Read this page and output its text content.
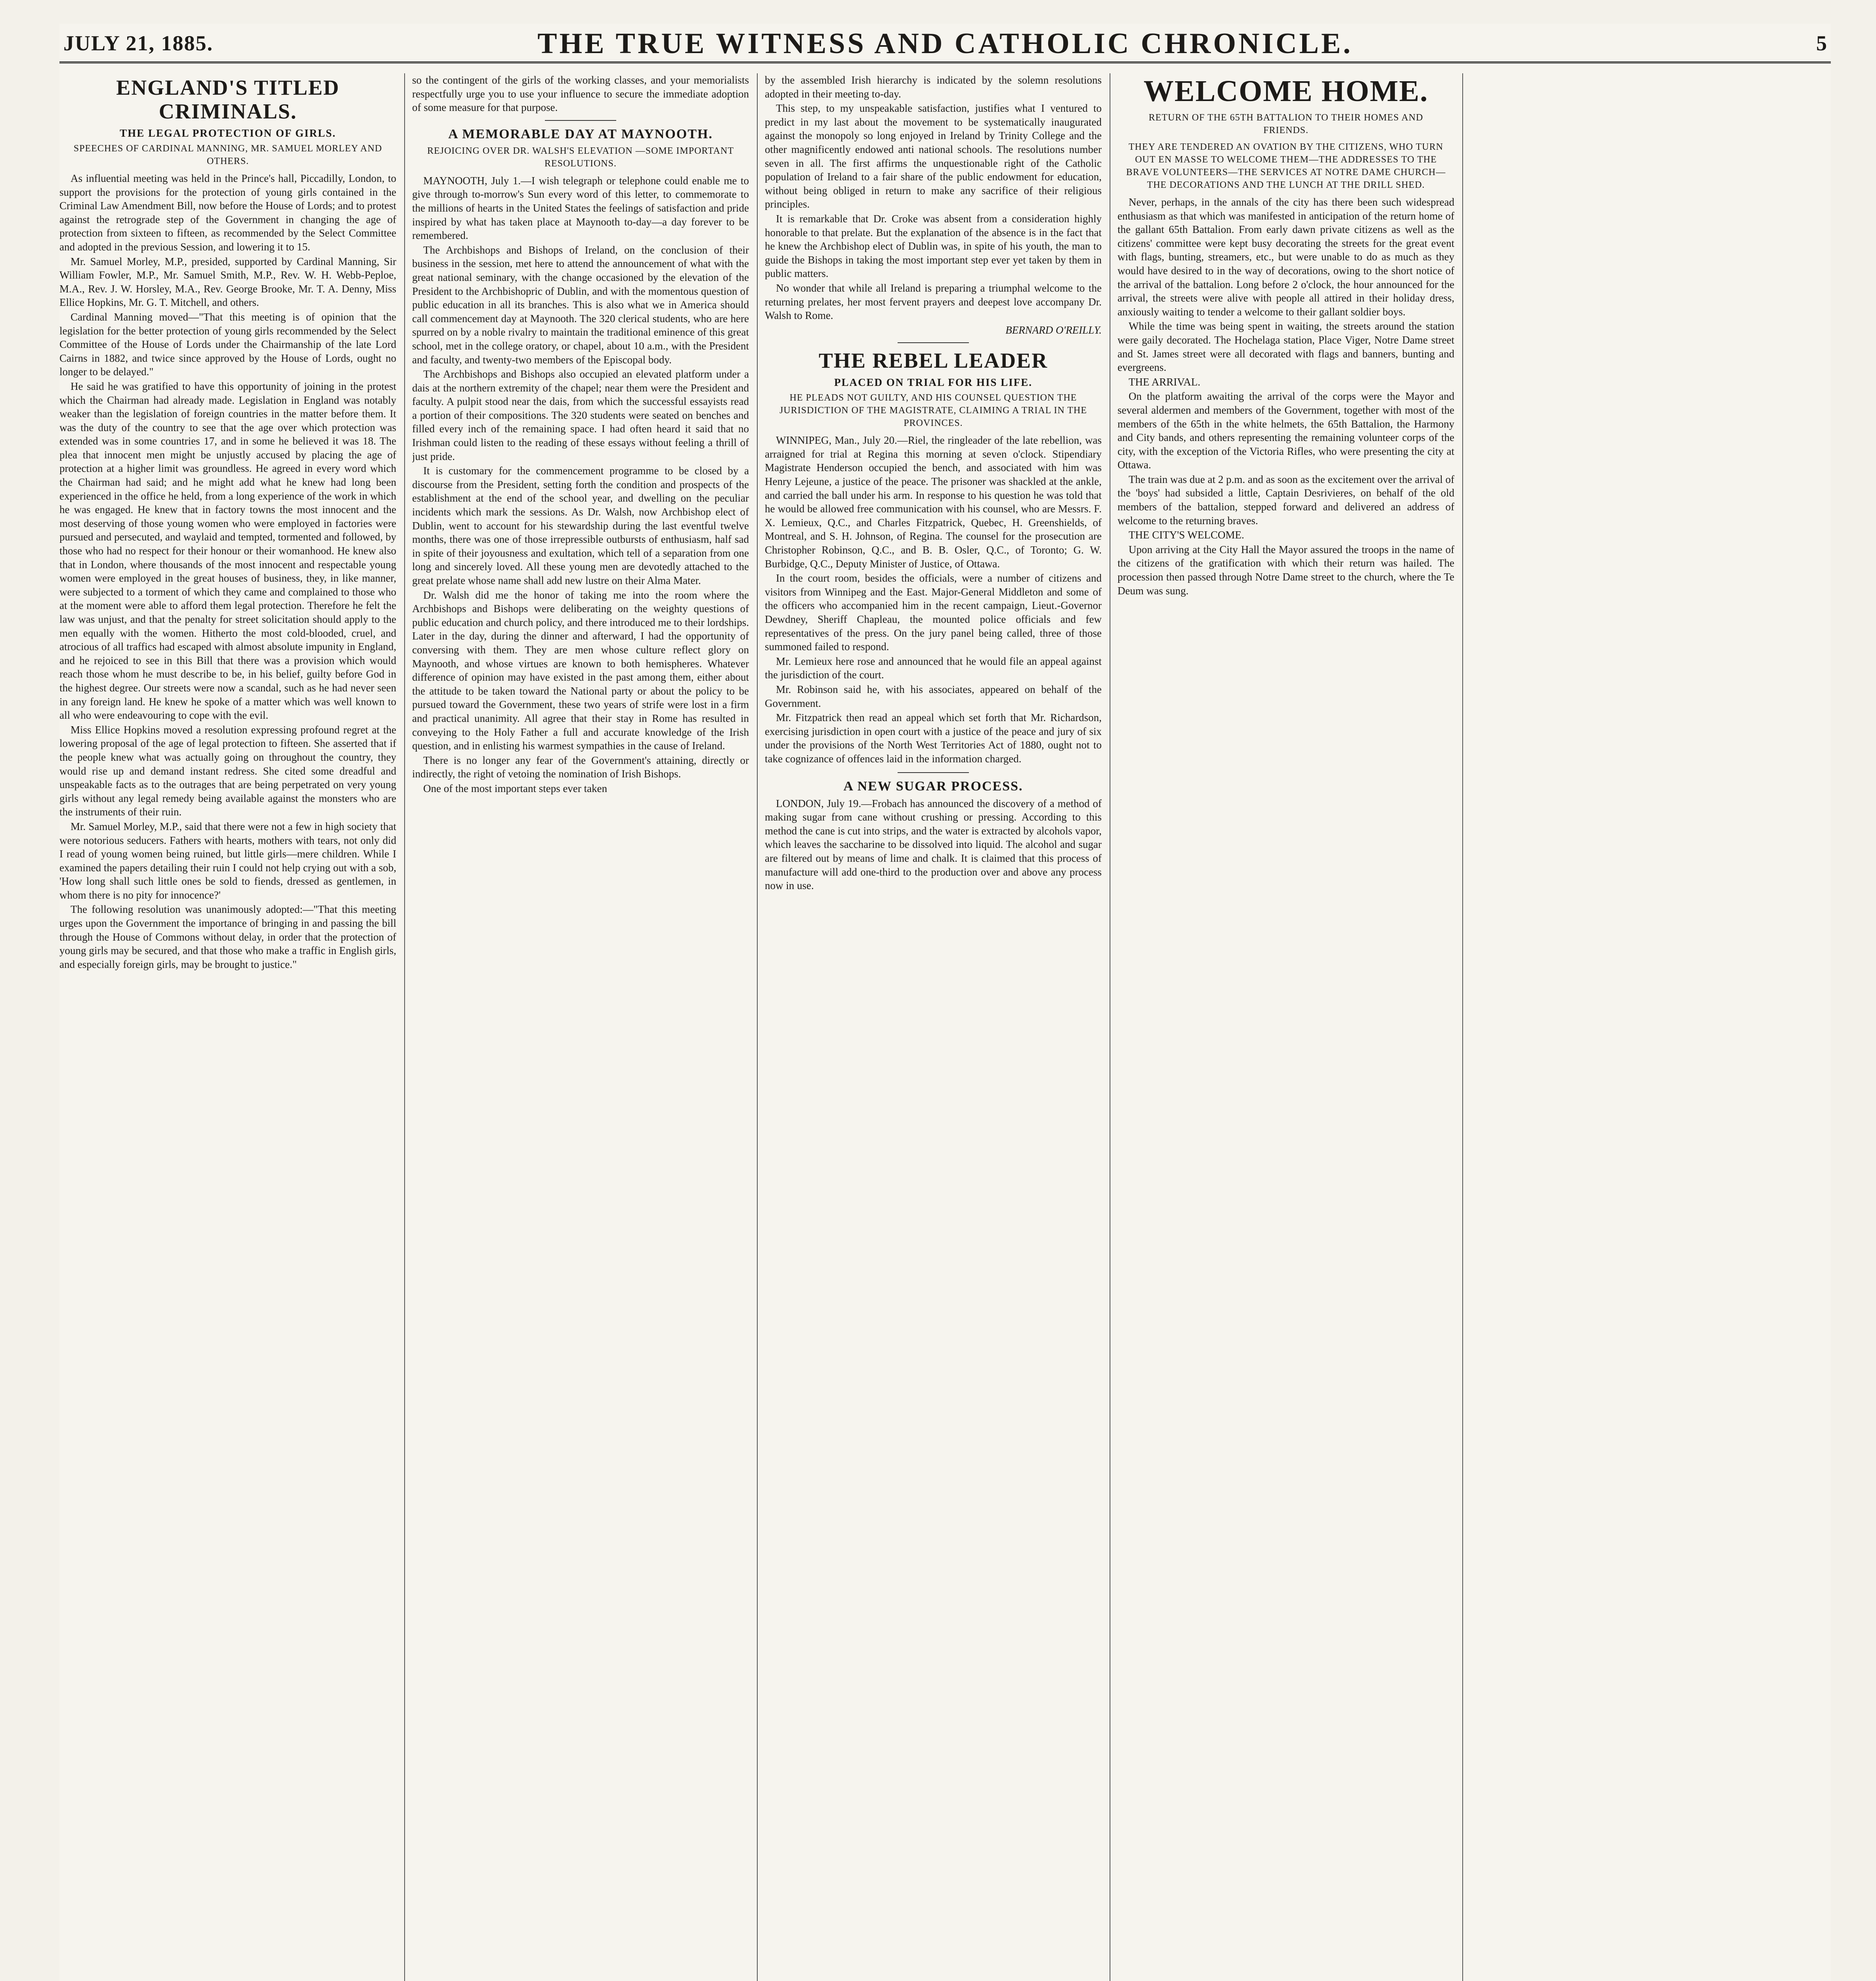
JULY 21, 1885.	THE TRUE WITNESS AND CATHOLIC CHRONICLE.	5
ENGLAND'S TITLED CRIMINALS.
THE LEGAL PROTECTION OF GIRLS.
SPEECHES OF CARDINAL MANNING, MR. SAMUEL MORLEY AND OTHERS.

As influential meeting was held in the Prince's hall, Piccadilly, London, to support the provisions for the protection of young girls contained in the Criminal Law Amendment Bill, now before the House of Lords; and to protest against the retrograde step of the Government in changing the age of protection from sixteen to fifteen, as recommended by the Select Committee and adopted in the previous Session, and lowering it to 15.

Mr. Samuel Morley, M.P., presided, supported by Cardinal Manning, Sir William Fowler, M.P., Mr. Samuel Smith, M.P., Rev. W. H. Webb-Peploe, M.A., Rev. J. W. Horsley, M.A., Rev. George Brooke, Mr. T. A. Denny, Miss Ellice Hopkins, Mr. G. T. Mitchell, and others.

Cardinal Manning moved—"That this meeting is of opinion that the legislation for the better protection of young girls recommended by the Select Committee of the House of Lords under the Chairmanship of the late Lord Cairns in 1882, and twice since approved by the House of Lords, ought no longer to be delayed."

He said he was gratified to have this opportunity of joining in the protest which the Chairman had already made. Legislation in England was notably weaker than the legislation of foreign countries in the matter before them. It was the duty of the country to see that the age over which protection was extended was in some countries 17, and in some he believed it was 18. The plea that innocent men might be unjustly accused by placing the age of protection at a higher limit was groundless. He agreed in every word which the Chairman had said; and he might add what he knew had long been experienced in the office he held, from a long experience of the work in which he was engaged. He knew that in factory towns the most innocent and the most deserving of those young women who were employed in factories were pursued and persecuted, and waylaid and tempted, tormented and followed, by those who had no respect for their honour or their womanhood. He knew also that in London, where thousands of the most innocent and respectable young women were employed in the great houses of business, they, in like manner, were subjected to a torment of which they came and complained to those who at the moment were able to afford them legal protection. Therefore he felt the law was unjust, and that the penalty for street solicitation should apply to the men equally with the women. Hitherto the most cold-blooded, cruel, and atrocious of all traffics had escaped with almost absolute impunity in England, and he rejoiced to see in this Bill that there was a provision which would reach those whom he must describe to be, in his belief, guilty before God in the highest degree. Our streets were now a scandal, such as he had never seen in any foreign land. He knew he spoke of a matter which was well known to all who were endeavouring to cope with the evil.

Miss Ellice Hopkins moved a resolution expressing profound regret at the lowering proposal of the age of legal protection to fifteen. She asserted that if the people knew what was actually going on throughout the country, they would rise up and demand instant redress. She cited some dreadful and unspeakable facts as to the outrages that are being perpetrated on very young girls without any legal remedy being available against the monsters who are the instruments of their ruin.

Mr. Samuel Morley, M.P., said that there were not a few in high society that were notorious seducers. Fathers with hearts, mothers with tears, not only did I read of young women being ruined, but little girls—mere children. While I examined the papers detailing their ruin I could not help crying out with a sob, 'How long shall such little ones be sold to fiends, dressed as gentlemen, in whom there is no pity for innocence?'

The following resolution was unanimously adopted:—"That this meeting urges upon the Government the importance of bringing in and passing the bill through the House of Commons without delay, in order that the protection of young girls may be secured, and that those who make a traffic in English girls, and especially foreign girls, may be brought to justice."

so the contingent of the girls of the working classes, and your memorialists respectfully urge you to use your influence to secure the immediate adoption of some measure for that purpose.

A MEMORABLE DAY AT MAYNOOTH.
REJOICING OVER DR. WALSH'S ELEVATION —SOME IMPORTANT RESOLUTIONS.

MAYNOOTH, July 1.—I wish telegraph or telephone could enable me to give through to-morrow's Sun every word of this letter, to commemorate to the millions of hearts in the United States the feelings of satisfaction and pride inspired by what has taken place at Maynooth to-day—a day forever to be remembered.

The Archbishops and Bishops of Ireland, on the conclusion of their business in the session, met here to attend the announcement of what with the great national seminary, with the change occasioned by the elevation of the President to the Archbishopric of Dublin, and with the momentous question of public education in all its branches. This is also what we in America should call commencement day at Maynooth. The 320 clerical students, who are here spurred on by a noble rivalry to maintain the traditional eminence of this great school, met in the college oratory, or chapel, about 10 a.m., with the President and faculty, and twenty-two members of the Episcopal body.

The Archbishops and Bishops also occupied an elevated platform under a dais at the northern extremity of the chapel; near them were the President and faculty. A pulpit stood near the dais, from which the successful essayists read a portion of their compositions. The 320 students were seated on benches and filled every inch of the remaining space. I had often heard it said that no Irishman could listen to the reading of these essays without feeling a thrill of just pride.

It is customary for the commencement programme to be closed by a discourse from the President, setting forth the condition and prospects of the establishment at the end of the school year, and dwelling on the peculiar incidents which mark the sessions. As Dr. Walsh, now Archbishop elect of Dublin, went to account for his stewardship during the last eventful twelve months, there was one of those irrepressible outbursts of enthusiasm, half sad in spite of their joyousness and exultation, which tell of a separation from one long and sincerely loved. All these young men are devotedly attached to the great prelate whose name shall add new lustre on their Alma Mater.

Dr. Walsh did me the honor of taking me into the room where the Archbishops and Bishops were deliberating on the weighty questions of public education and church policy, and there introduced me to their lordships. Later in the day, during the dinner and afterward, I had the opportunity of conversing with them. They are men whose culture reflect glory on Maynooth, and whose virtues are known to both hemispheres. Whatever difference of opinion may have existed in the past among them, either about the attitude to be taken toward the National party or about the policy to be pursued toward the Government, these two years of strife were lost in a firm and practical unanimity. All agree that their stay in Rome has resulted in conveying to the Holy Father a full and accurate knowledge of the Irish question, and in enlisting his warmest sympathies in the cause of Ireland.

There is no longer any fear of the Government's attaining, directly or indirectly, the right of vetoing the nomination of Irish Bishops.

One of the most important steps ever taken

by the assembled Irish hierarchy is indicated by the solemn resolutions adopted in their meeting to-day.

This step, to my unspeakable satisfaction, justifies what I ventured to predict in my last about the movement to be systematically inaugurated against the monopoly so long enjoyed in Ireland by Trinity College and the other magnificently endowed anti national schools. The resolutions number seven in all. The first affirms the unquestionable right of the Catholic population of Ireland to a fair share of the public endowment for education, without being obliged in return to make any sacrifice of their religious principles.

It is remarkable that Dr. Croke was absent from a consideration highly honorable to that prelate. But the explanation of the absence is in the fact that he knew the Archbishop elect of Dublin was, in spite of his youth, the man to guide the Bishops in taking the most important step ever yet taken by them in public matters.

No wonder that while all Ireland is preparing a triumphal welcome to the returning prelates, her most fervent prayers and deepest love accompany Dr. Walsh to Rome.

BERNARD O'REILLY.
THE REBEL LEADER
PLACED ON TRIAL FOR HIS LIFE.
HE PLEADS NOT GUILTY, AND HIS COUNSEL QUESTION THE JURISDICTION OF THE MAGISTRATE, CLAIMING A TRIAL IN THE PROVINCES.

WINNIPEG, Man., July 20.—Riel, the ringleader of the late rebellion, was arraigned for trial at Regina this morning at seven o'clock. Stipendiary Magistrate Henderson occupied the bench, and associated with him was Henry Lejeune, a justice of the peace. The prisoner was shackled at the ankle, and carried the ball under his arm. In response to his question he was told that he would be allowed free communication with his counsel, who are Messrs. F. X. Lemieux, Q.C., and Charles Fitzpatrick, Quebec, H. Greenshields, of Montreal, and S. H. Johnson, of Regina. The counsel for the prosecution are Christopher Robinson, Q.C., and B. B. Osler, Q.C., of Toronto; G. W. Burbidge, Q.C., Deputy Minister of Justice, of Ottawa.

In the court room, besides the officials, were a number of citizens and visitors from Winnipeg and the East. Major-General Middleton and some of the officers who accompanied him in the recent campaign, Lieut.-Governor Dewdney, Sheriff Chapleau, the mounted police officials and few representatives of the press. On the jury panel being called, three of those summoned failed to respond.

Mr. Lemieux here rose and announced that he would file an appeal against the jurisdiction of the court.

Mr. Robinson said he, with his associates, appeared on behalf of the Government.

Mr. Fitzpatrick then read an appeal which set forth that Mr. Richardson, exercising jurisdiction in open court with a justice of the peace and jury of six under the provisions of the North West Territories Act of 1880, ought not to take cognizance of offences laid in the information charged.

A NEW SUGAR PROCESS.

LONDON, July 19.—Frobach has announced the discovery of a method of making sugar from cane without crushing or pressing. According to this method the cane is cut into strips, and the water is extracted by alcohols vapor, which leaves the saccharine to be dissolved into liquid. The alcohol and sugar are filtered out by means of lime and chalk. It is claimed that this process of manufacture will add one-third to the production over and above any process now in use.

WELCOME HOME.
RETURN OF THE 65TH BATTALION TO THEIR HOMES AND FRIENDS.
THEY ARE TENDERED AN OVATION BY THE CITIZENS, WHO TURN OUT EN MASSE TO WELCOME THEM—THE ADDRESSES TO THE BRAVE VOLUNTEERS—THE SERVICES AT NOTRE DAME CHURCH—THE DECORATIONS AND THE LUNCH AT THE DRILL SHED.

Never, perhaps, in the annals of the city has there been such widespread enthusiasm as that which was manifested in anticipation of the return home of the gallant 65th Battalion. From early dawn private citizens as well as the citizens' committee were kept busy decorating the streets for the great event with flags, bunting, streamers, etc., but were unable to do as much as they would have desired to in the way of decorations, owing to the short notice of the arrival of the battalion. Long before 2 o'clock, the hour announced for the arrival, the streets were alive with people all attired in their holiday dress, anxiously waiting to tender a welcome to their gallant soldier boys.

While the time was being spent in waiting, the streets around the station were gaily decorated. The Hochelaga station, Place Viger, Notre Dame street and St. James street were all decorated with flags and banners, bunting and evergreens.

THE ARRIVAL.

On the platform awaiting the arrival of the corps were the Mayor and several aldermen and members of the Government, together with most of the members of the 65th in the white helmets, the 65th Battalion, the Harmony and City bands, and others representing the remaining volunteer corps of the city, with the exception of the Victoria Rifles, who were presenting the city at Ottawa.

The train was due at 2 p.m. and as soon as the excitement over the arrival of the 'boys' had subsided a little, Captain Desrivieres, on behalf of the old members of the battalion, stepped forward and delivered an address of welcome to the returning braves.

THE CITY'S WELCOME.

Upon arriving at the City Hall the Mayor assured the troops in the name of the citizens of the gratification with which their return was hailed. The procession then passed through Notre Dame street to the church, where the Te Deum was sung.
